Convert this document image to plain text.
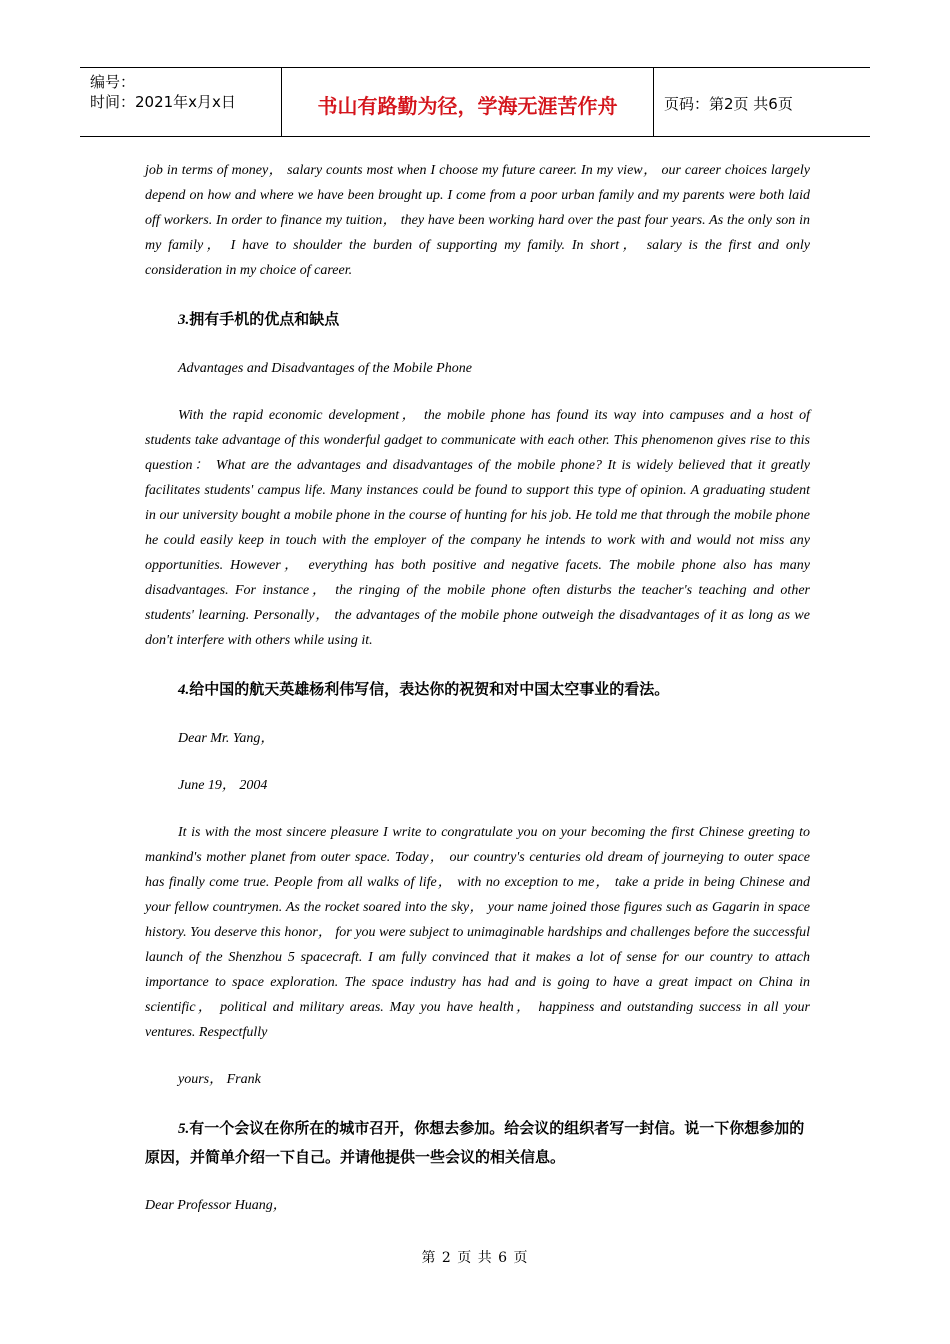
编号：
时间：2021年x月x日	书山有路勤为径，学海无涯苦作舟	页码：第2页 共6页

job in terms of money， salary counts most when I choose my future career. In my view， our career choices largely depend on how and where we have been brought up. I come from a poor urban family and my parents were both laid off workers. In order to finance my tuition， they have been working hard over the past four years. As the only son in my family， I have to shoulder the burden of supporting my family. In short， salary is the first and only consideration in my choice of career.

3.拥有手机的优点和缺点

Advantages and Disadvantages of the Mobile Phone

With the rapid economic development， the mobile phone has found its way into campuses and a host of students take advantage of this wonderful gadget to communicate with each other. This phenomenon gives rise to this question： What are the advantages and disadvantages of the mobile phone? It is widely believed that it greatly facilitates students' campus life. Many instances could be found to support this type of opinion. A graduating student in our university bought a mobile phone in the course of hunting for his job. He told me that through the mobile phone he could easily keep in touch with the employer of the company he intends to work with and would not miss any opportunities. However， everything has both positive and negative facets. The mobile phone also has many disadvantages. For instance， the ringing of the mobile phone often disturbs the teacher's teaching and other students' learning. Personally， the advantages of the mobile phone outweigh the disadvantages of it as long as we don't interfere with others while using it.

4.给中国的航天英雄杨利伟写信，表达你的祝贺和对中国太空事业的看法。

Dear Mr. Yang，

June 19， 2004

It is with the most sincere pleasure I write to congratulate you on your becoming the first Chinese greeting to mankind's mother planet from outer space. Today， our country's centuries old dream of journeying to outer space has finally come true. People from all walks of life， with no exception to me， take a pride in being Chinese and your fellow countrymen. As the rocket soared into the sky， your name joined those figures such as Gagarin in space history. You deserve this honor， for you were subject to unimaginable hardships and challenges before the successful launch of the Shenzhou 5 spacecraft. I am fully convinced that it makes a lot of sense for our country to attach importance to space exploration. The space industry has had and is going to have a great impact on China in scientific， political and military areas. May you have health， happiness and outstanding success in all your ventures. Respectfully

yours， Frank

5.有一个会议在你所在的城市召开，你想去参加。给会议的组织者写一封信。说一下你想参加的原因，并简单介绍一下自己。并请他提供一些会议的相关信息。

Dear Professor Huang，

第 2 页 共 6 页
